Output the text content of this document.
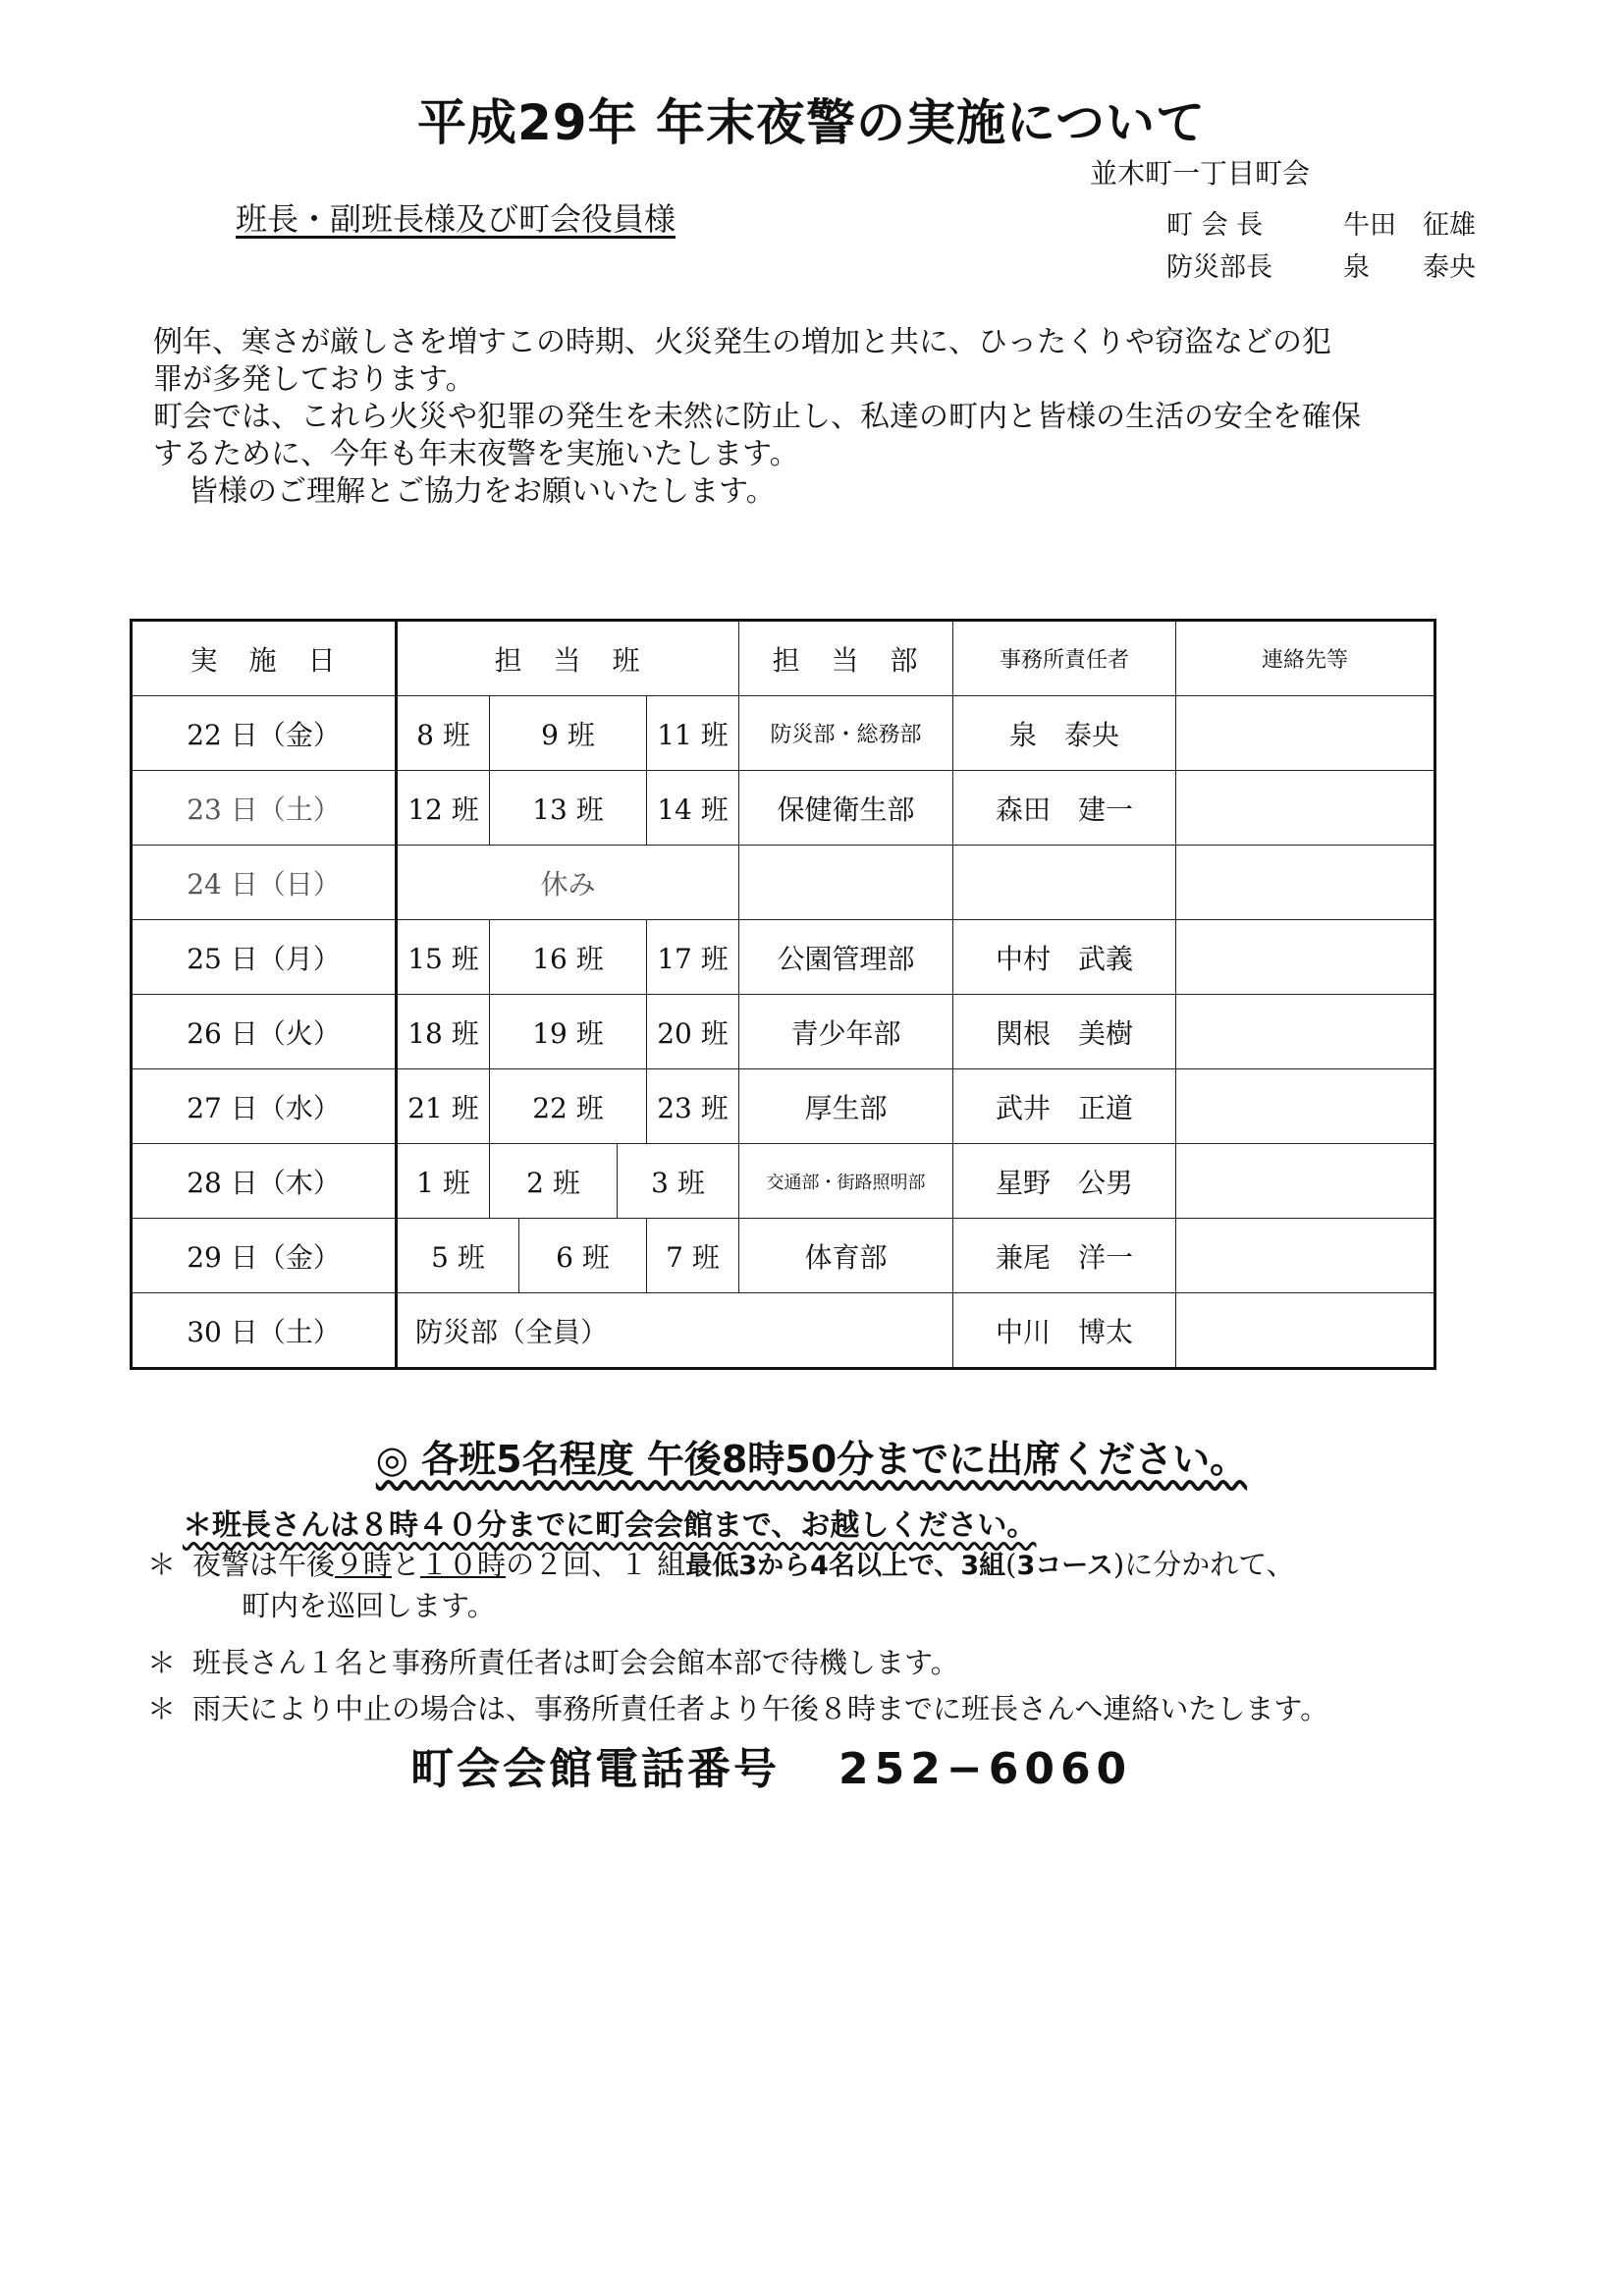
平成29年 年末夜警の実施について
並木町一丁目町会
班長・副班長様及び町会役員様	町 会 長	牛田　征雄
防災部長	泉　　泰央

例年、寒さが厳しさを増すこの時期、火災発生の増加と共に、ひったくりや窃盗などの犯

罪が多発しております。

町会では、これら火災や犯罪の発生を未然に防止し、私達の町内と皆様の生活の安全を確保

するために、今年も年末夜警を実施いたします。

皆様のご理解とご協力をお願いいたします。

実　施　日	担　当　班					担　当　部	事務所責任者	連絡先等
22 日（金）	8 班	9 班			11 班	防災部・総務部	泉　泰央	
23 日（土）	12 班	13 班			14 班	保健衛生部	森田　建一	
24 日（日）	休み							
25 日（月）	15 班	16 班			17 班	公園管理部	中村　武義	
26 日（火）	18 班	19 班			20 班	青少年部	関根　美樹	
27 日（水）	21 班	22 班			23 班	厚生部	武井　正道	
28 日（木）	1 班	2 班		3 班		交通部・街路照明部	星野　公男	
29 日（金）	5 班		6 班		7 班	体育部	兼尾　洋一	
30 日（土）	防災部（全員）						中川　博太	
◎ 各班5名程度 午後8時50分までに出席ください。
＊班長さんは８時４０分までに町会会館まで、お越しください。
＊ 夜警は午後９時と１０時の２回、１ 組最低3から4名以上で、3組(3コース)に分かれて、
町内を巡回します。
＊ 班長さん１名と事務所責任者は町会会館本部で待機します。
＊ 雨天により中止の場合は、事務所責任者より午後８時までに班長さんへ連絡いたします。
町会会館電話番号 252−6060
